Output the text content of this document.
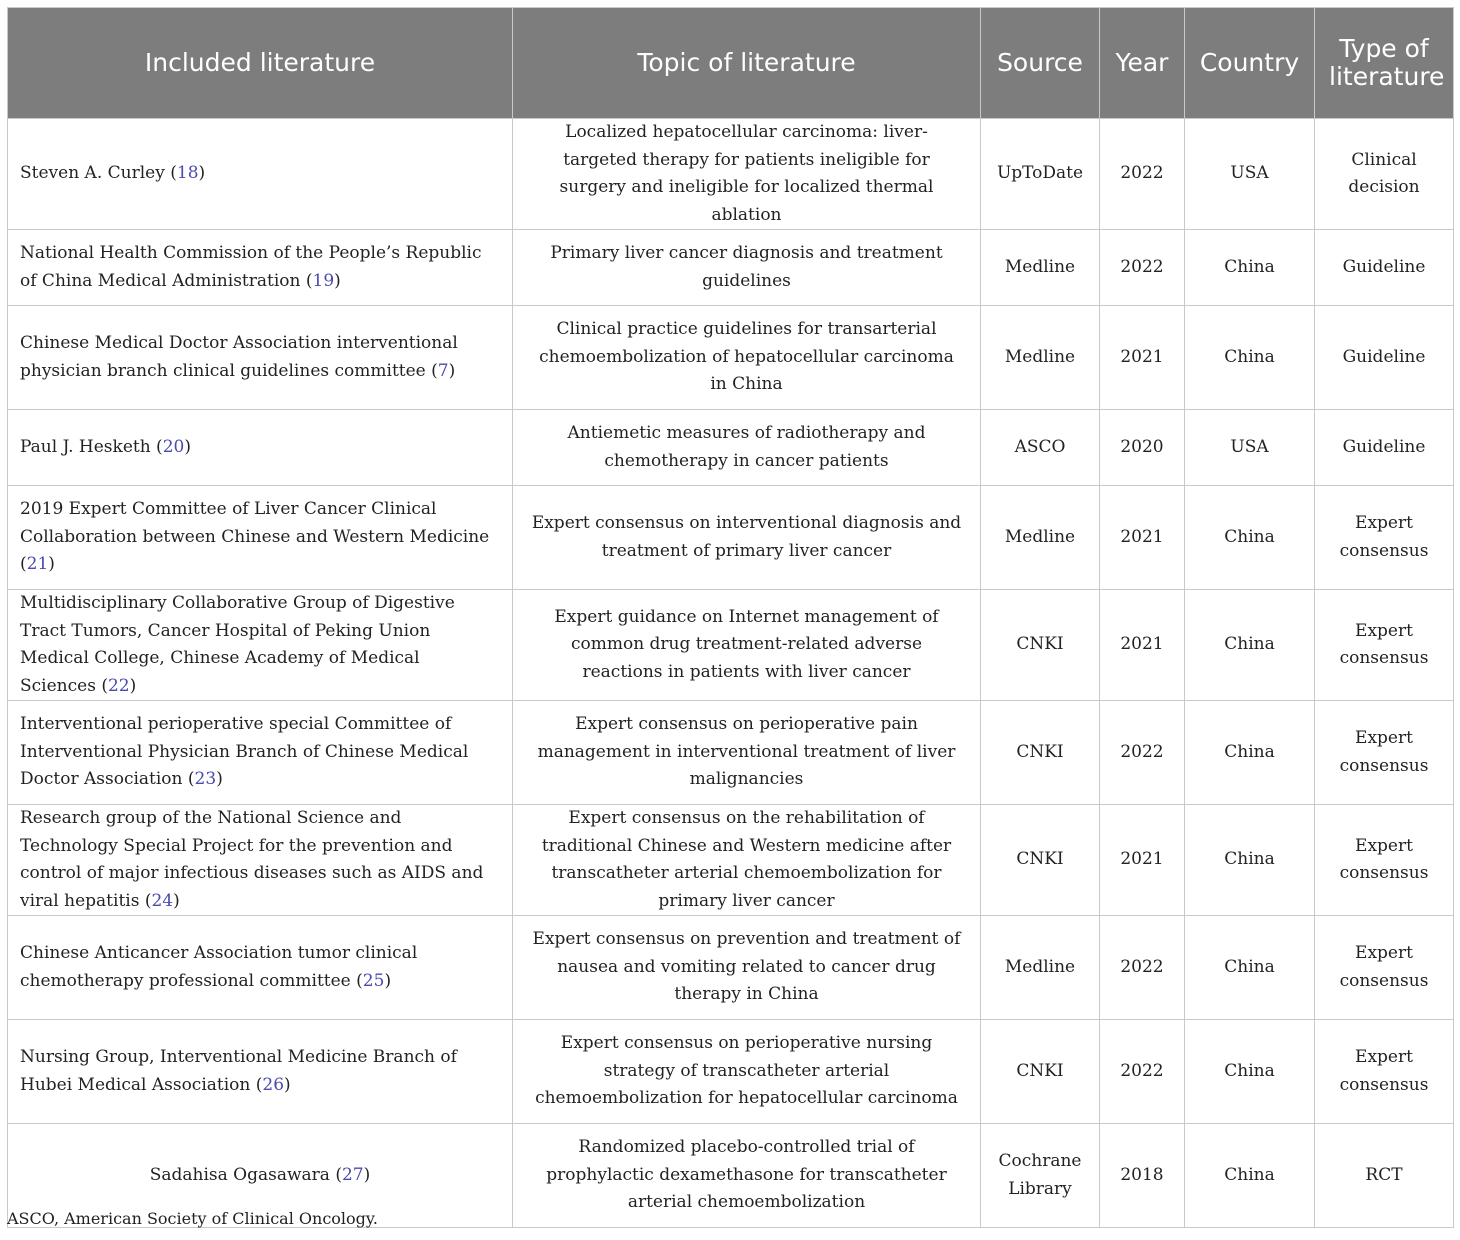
Included literature	Topic of literature	Source	Year	Country	Type of literature
Steven A. Curley (18)	Localized hepatocellular carcinoma: liver-targeted therapy for patients ineligible for surgery and ineligible for localized thermal ablation	UpToDate	2022	USA	Clinical decision
National Health Commission of the People’s Republic of China Medical Administration (19)	Primary liver cancer diagnosis and treatment guidelines	Medline	2022	China	Guideline
Chinese Medical Doctor Association interventional physician branch clinical guidelines committee (7)	Clinical practice guidelines for transarterial chemoembolization of hepatocellular carcinoma in China	Medline	2021	China	Guideline
Paul J. Hesketh (20)	Antiemetic measures of radiotherapy and chemotherapy in cancer patients	ASCO	2020	USA	Guideline
2019 Expert Committee of Liver Cancer Clinical Collaboration between Chinese and Western Medicine (21)	Expert consensus on interventional diagnosis and treatment of primary liver cancer	Medline	2021	China	Expert consensus
Multidisciplinary Collaborative Group of Digestive Tract Tumors, Cancer Hospital of Peking Union Medical College, Chinese Academy of Medical Sciences (22)	Expert guidance on Internet management of common drug treatment-related adverse reactions in patients with liver cancer	CNKI	2021	China	Expert consensus
Interventional perioperative special Committee of Interventional Physician Branch of Chinese Medical Doctor Association (23)	Expert consensus on perioperative pain management in interventional treatment of liver malignancies	CNKI	2022	China	Expert consensus
Research group of the National Science and Technology Special Project for the prevention and control of major infectious diseases such as AIDS and viral hepatitis (24)	Expert consensus on the rehabilitation of traditional Chinese and Western medicine after transcatheter arterial chemoembolization for primary liver cancer	CNKI	2021	China	Expert consensus
Chinese Anticancer Association tumor clinical chemotherapy professional committee (25)	Expert consensus on prevention and treatment of nausea and vomiting related to cancer drug therapy in China	Medline	2022	China	Expert consensus
Nursing Group, Interventional Medicine Branch of Hubei Medical Association (26)	Expert consensus on perioperative nursing strategy of transcatheter arterial chemoembolization for hepatocellular carcinoma	CNKI	2022	China	Expert consensus
Sadahisa Ogasawara (27)	Randomized placebo-controlled trial of prophylactic dexamethasone for transcatheter arterial chemoembolization	Cochrane Library	2018	China	RCT
ASCO, American Society of Clinical Oncology.
